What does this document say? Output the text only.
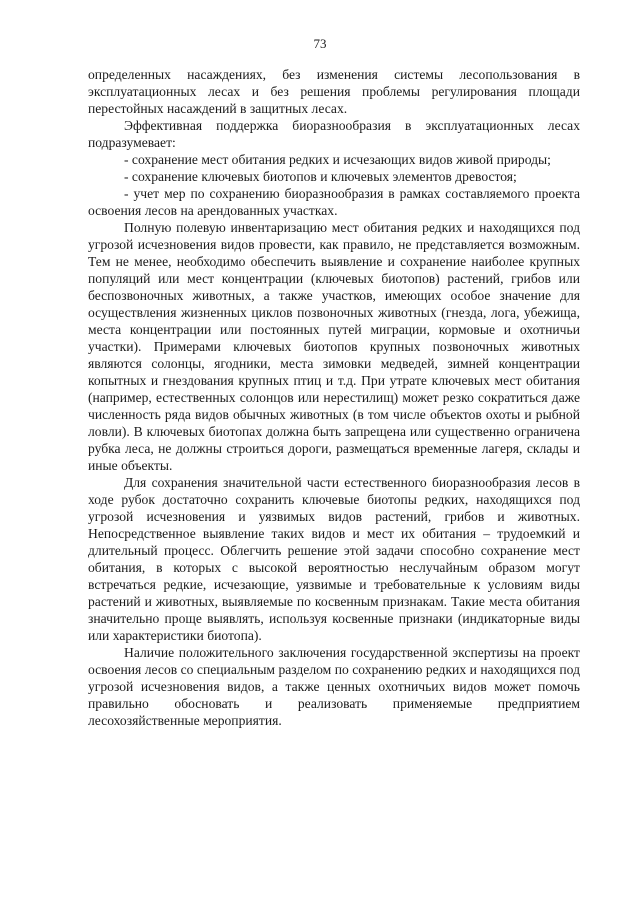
73

определенных насаждениях, без изменения системы лесопользования в эксплуатационных лесах и без решения проблемы регулирования площади перестойных насаждений в защитных лесах.

Эффективная поддержка биоразнообразия в эксплуатационных лесах подразумевает:

- сохранение мест обитания редких и исчезающих видов живой природы;

- сохранение ключевых биотопов и ключевых элементов древостоя;

- учет мер по сохранению биоразнообразия в рамках составляемого проекта освоения лесов на арендованных участках.

Полную полевую инвентаризацию мест обитания редких и находящихся под угрозой исчезновения видов провести, как правило, не представляется возможным. Тем не менее, необходимо обеспечить выявление и сохранение наиболее крупных популяций или мест концентрации (ключевых биотопов) растений, грибов или беспозвоночных животных, а также участков, имеющих особое значение для осуществления жизненных циклов позвоночных животных (гнезда, лога, убежища, места концентрации или постоянных путей миграции, кормовые и охотничьи участки). Примерами ключевых биотопов крупных позвоночных животных являются солонцы, ягодники, места зимовки медведей, зимней концентрации копытных и гнездования крупных птиц и т.д. При утрате ключевых мест обитания (например, естественных солонцов или нерестилищ) может резко сократиться даже численность ряда видов обычных животных (в том числе объектов охоты и рыбной ловли). В ключевых биотопах должна быть запрещена или существенно ограничена рубка леса, не должны строиться дороги, размещаться временные лагеря, склады и иные объекты.

Для сохранения значительной части естественного биоразнообразия лесов в ходе рубок достаточно сохранить ключевые биотопы редких, находящихся под угрозой исчезновения и уязвимых видов растений, грибов и животных. Непосредственное выявление таких видов и мест их обитания – трудоемкий и длительный процесс. Облегчить решение этой задачи способно сохранение мест обитания, в которых с высокой вероятностью неслучайным образом могут встречаться редкие, исчезающие, уязвимые и требовательные к условиям виды растений и животных, выявляемые по косвенным признакам. Такие места обитания значительно проще выявлять, используя косвенные признаки (индикаторные виды или характеристики биотопа).

Наличие положительного заключения государственной экспертизы на проект освоения лесов со специальным разделом по сохранению редких и находящихся под угрозой исчезновения видов, а также ценных охотничьих видов может помочь правильно обосновать и реализовать применяемые предприятием лесохозяйственные мероприятия.
